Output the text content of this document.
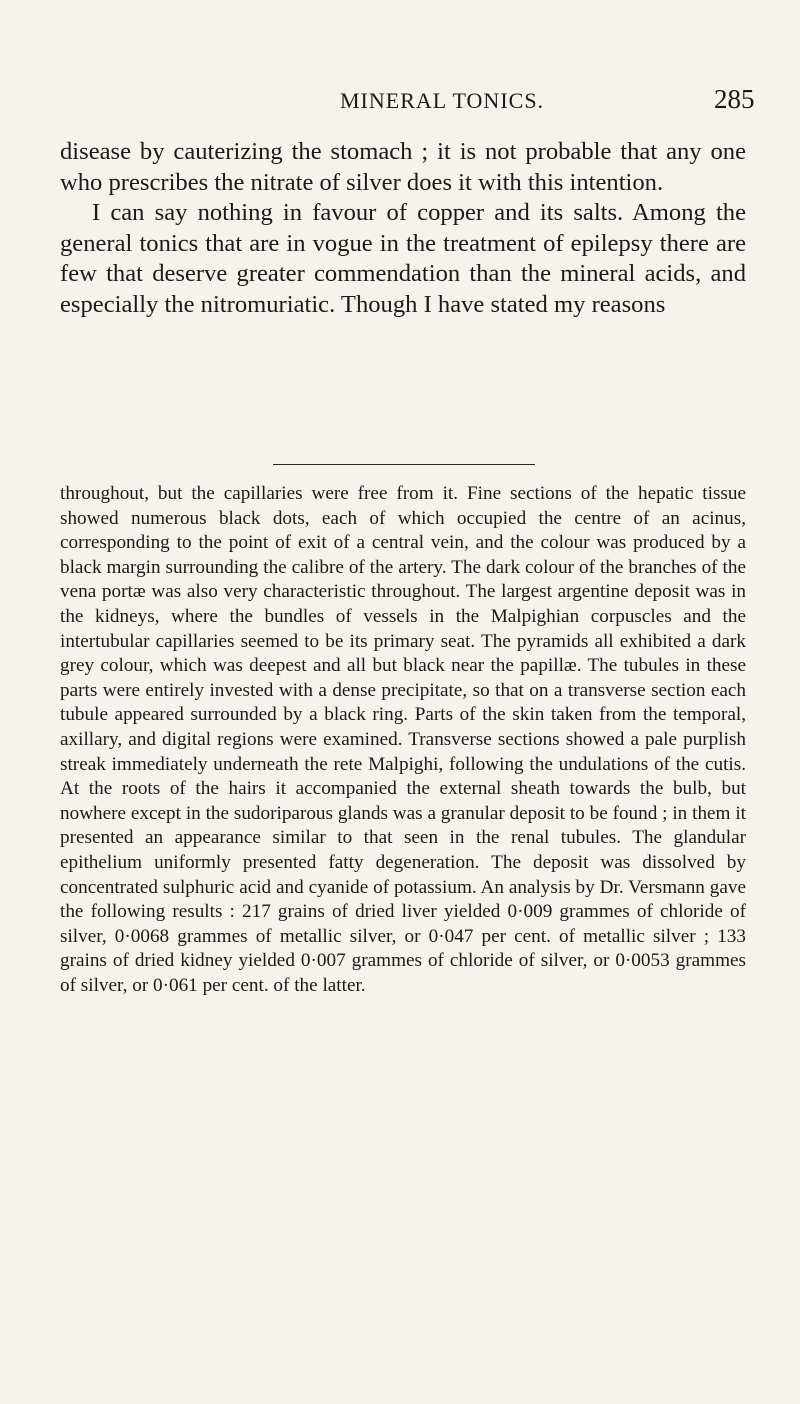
MINERAL TONICS.	285

disease by cauterizing the stomach ; it is not probable that any one who prescribes the nitrate of silver does it with this intention.

I can say nothing in favour of copper and its salts. Among the general tonics that are in vogue in the treatment of epilepsy there are few that deserve greater commendation than the mineral acids, and especially the nitromuriatic. Though I have stated my reasons

throughout, but the capillaries were free from it. Fine sections of the hepatic tissue showed numerous black dots, each of which occupied the centre of an acinus, corresponding to the point of exit of a central vein, and the colour was produced by a black margin surrounding the calibre of the artery. The dark colour of the branches of the vena portæ was also very characteristic throughout. The largest argentine deposit was in the kidneys, where the bundles of vessels in the Malpighian corpuscles and the intertubular capillaries seemed to be its primary seat. The pyramids all exhibited a dark grey colour, which was deepest and all but black near the papillæ. The tubules in these parts were entirely invested with a dense precipitate, so that on a transverse section each tubule appeared surrounded by a black ring. Parts of the skin taken from the temporal, axillary, and digital regions were examined. Transverse sections showed a pale purplish streak immediately underneath the rete Malpighi, following the undulations of the cutis. At the roots of the hairs it accompanied the external sheath towards the bulb, but nowhere except in the sudoriparous glands was a granular deposit to be found ; in them it presented an appearance similar to that seen in the renal tubules. The glandular epithelium uniformly presented fatty degeneration. The deposit was dissolved by concentrated sulphuric acid and cyanide of potassium. An analysis by Dr. Versmann gave the following results : 217 grains of dried liver yielded 0·009 grammes of chloride of silver, 0·0068 grammes of metallic silver, or 0·047 per cent. of metallic silver ; 133 grains of dried kidney yielded 0·007 grammes of chloride of silver, or 0·0053 grammes of silver, or 0·061 per cent. of the latter.
